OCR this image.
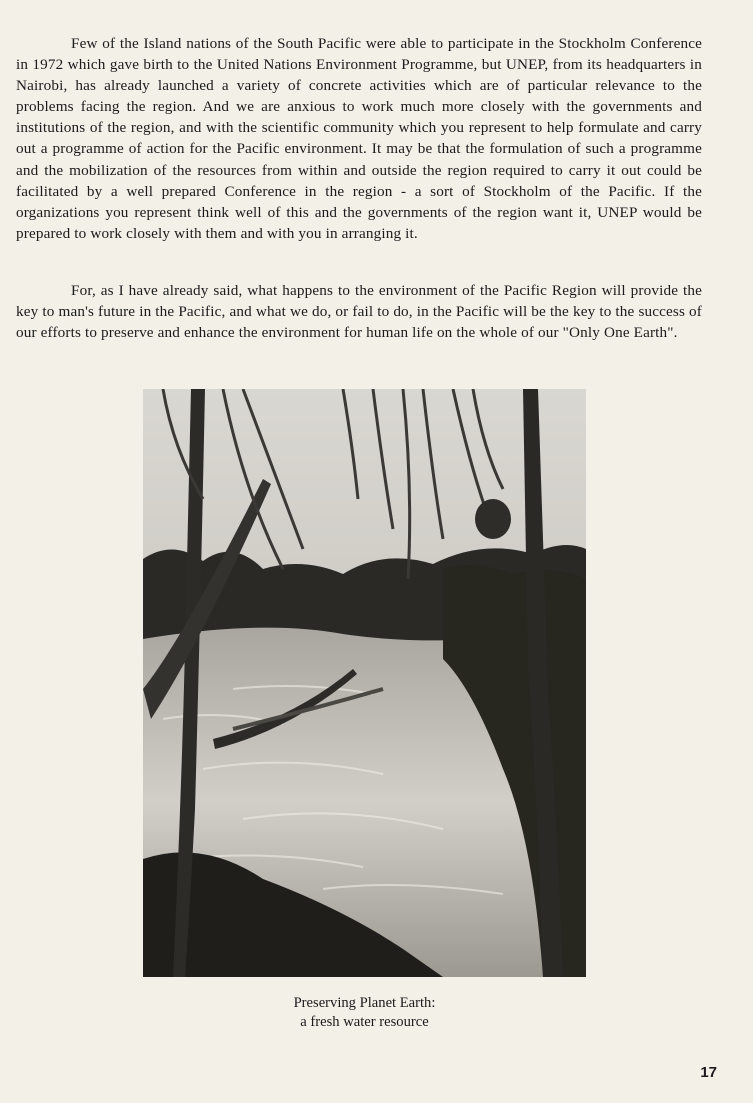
Few of the Island nations of the South Pacific were able to participate in the Stockholm Conference in 1972 which gave birth to the United Nations Environment Programme, but UNEP, from its headquarters in Nairobi, has already launched a variety of concrete activities which are of particular relevance to the problems facing the region. And we are anxious to work much more closely with the governments and institutions of the region, and with the scientific community which you represent to help formulate and carry out a programme of action for the Pacific environment. It may be that the formulation of such a programme and the mobilization of the resources from within and outside the region required to carry it out could be facilitated by a well prepared Conference in the region - a sort of Stockholm of the Pacific. If the organizations you represent think well of this and the governments of the region want it, UNEP would be prepared to work closely with them and with you in arranging it.

For, as I have already said, what happens to the environment of the Pacific Region will provide the key to man's future in the Pacific, and what we do, or fail to do, in the Pacific will be the key to the success of our efforts to preserve and enhance the environment for human life on the whole of our "Only One Earth".

Preserving Planet Earth:

a fresh water resource

17
